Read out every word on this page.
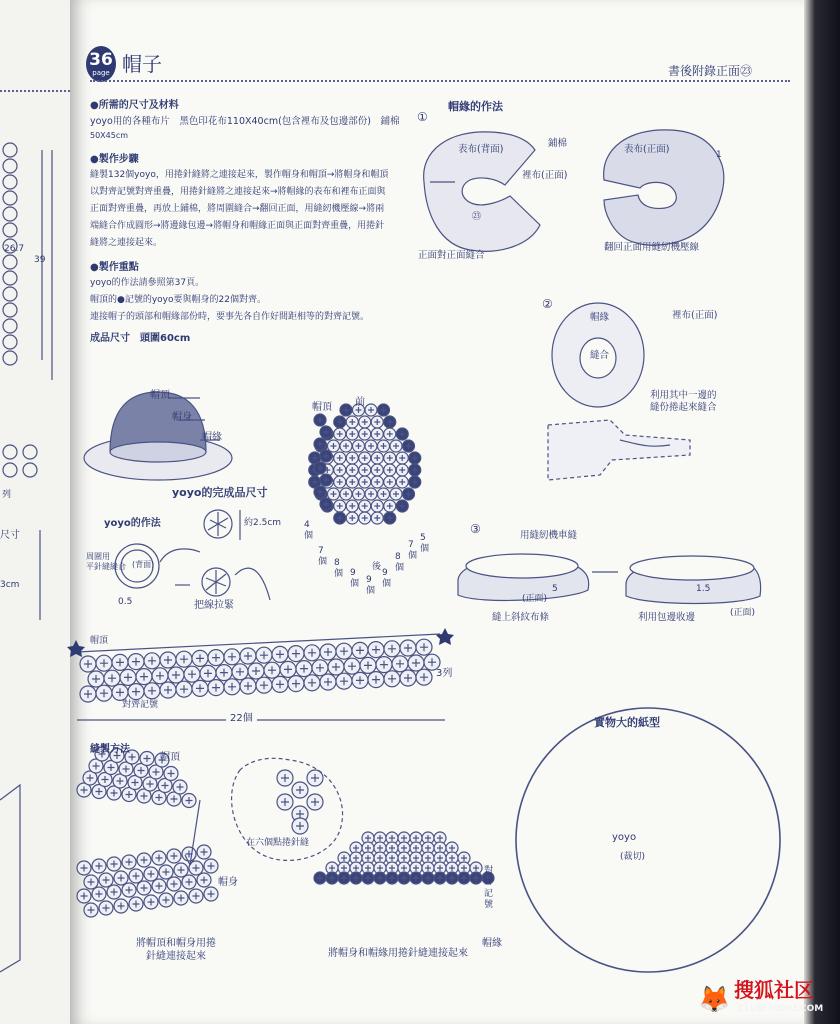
36
page 帽子	書後附錄正面㉓
●所需的尺寸及材料
yoyo用的各種布片　黑色印花布110X40cm(包含裡布及包邊部份)　鋪棉
50X45cm
●製作步驟
縫製132個yoyo，用捲針縫將之連接起來，製作帽身和帽頂→將帽身和帽頂
以對齊記號對齊重疊，用捲針縫將之連接起來→將帽緣的表布和裡布正面與
正面對齊重疊，再放上鋪棉，將周圍縫合→翻回正面，用縫紉機壓線→將兩
端縫合作成圓形→將邊緣包邊→將帽身和帽緣正面與正面對齊重疊，用捲針
縫將之連接起來。
●製作重點
yoyo的作法請參照第37頁。
帽頂的●記號的yoyo要與帽身的22個對齊。
連接帽子的頭部和帽緣部份時，要事先各自作好間距相等的對齊記號。
成品尺寸　頭圍60cm
帽頂
帽身
帽緣
帽頂 前
4
個
7
個 8
個 9
個 9
個
後
9
個
8
個
7
個
5
個
yoyo的完成品尺寸
約2.5cm
yoyo的作法
(背面)
周圍用
平針縫縫合
0.5	把線拉緊
帽頂
3列
對齊記號
22個
縫製方法
帽頂
帽身
將帽頂和帽身用捲
針縫連接起來
在六個點捲針縫
對
齊
記
號
帽緣
將帽身和帽緣用捲針縫連接起來
帽緣的作法
①
表布(背面)
鋪棉
裡布(正面)
㉓
表布(正面)	1
正面對正面縫合
翻回正面用縫紉機壓線
②
帽緣	裡布(正面)
縫合
利用其中一邊的
縫份捲起來縫合
③	用縫紉機車縫
5
(正面)
縫上斜紋布條
1.5
(正面)
利用包邊收邊
實物大的紙型
yoyo
(裁切)
26.7
39
列
尺寸
3cm
🦊 搜狐社区
CLUB.SOHU.COM
